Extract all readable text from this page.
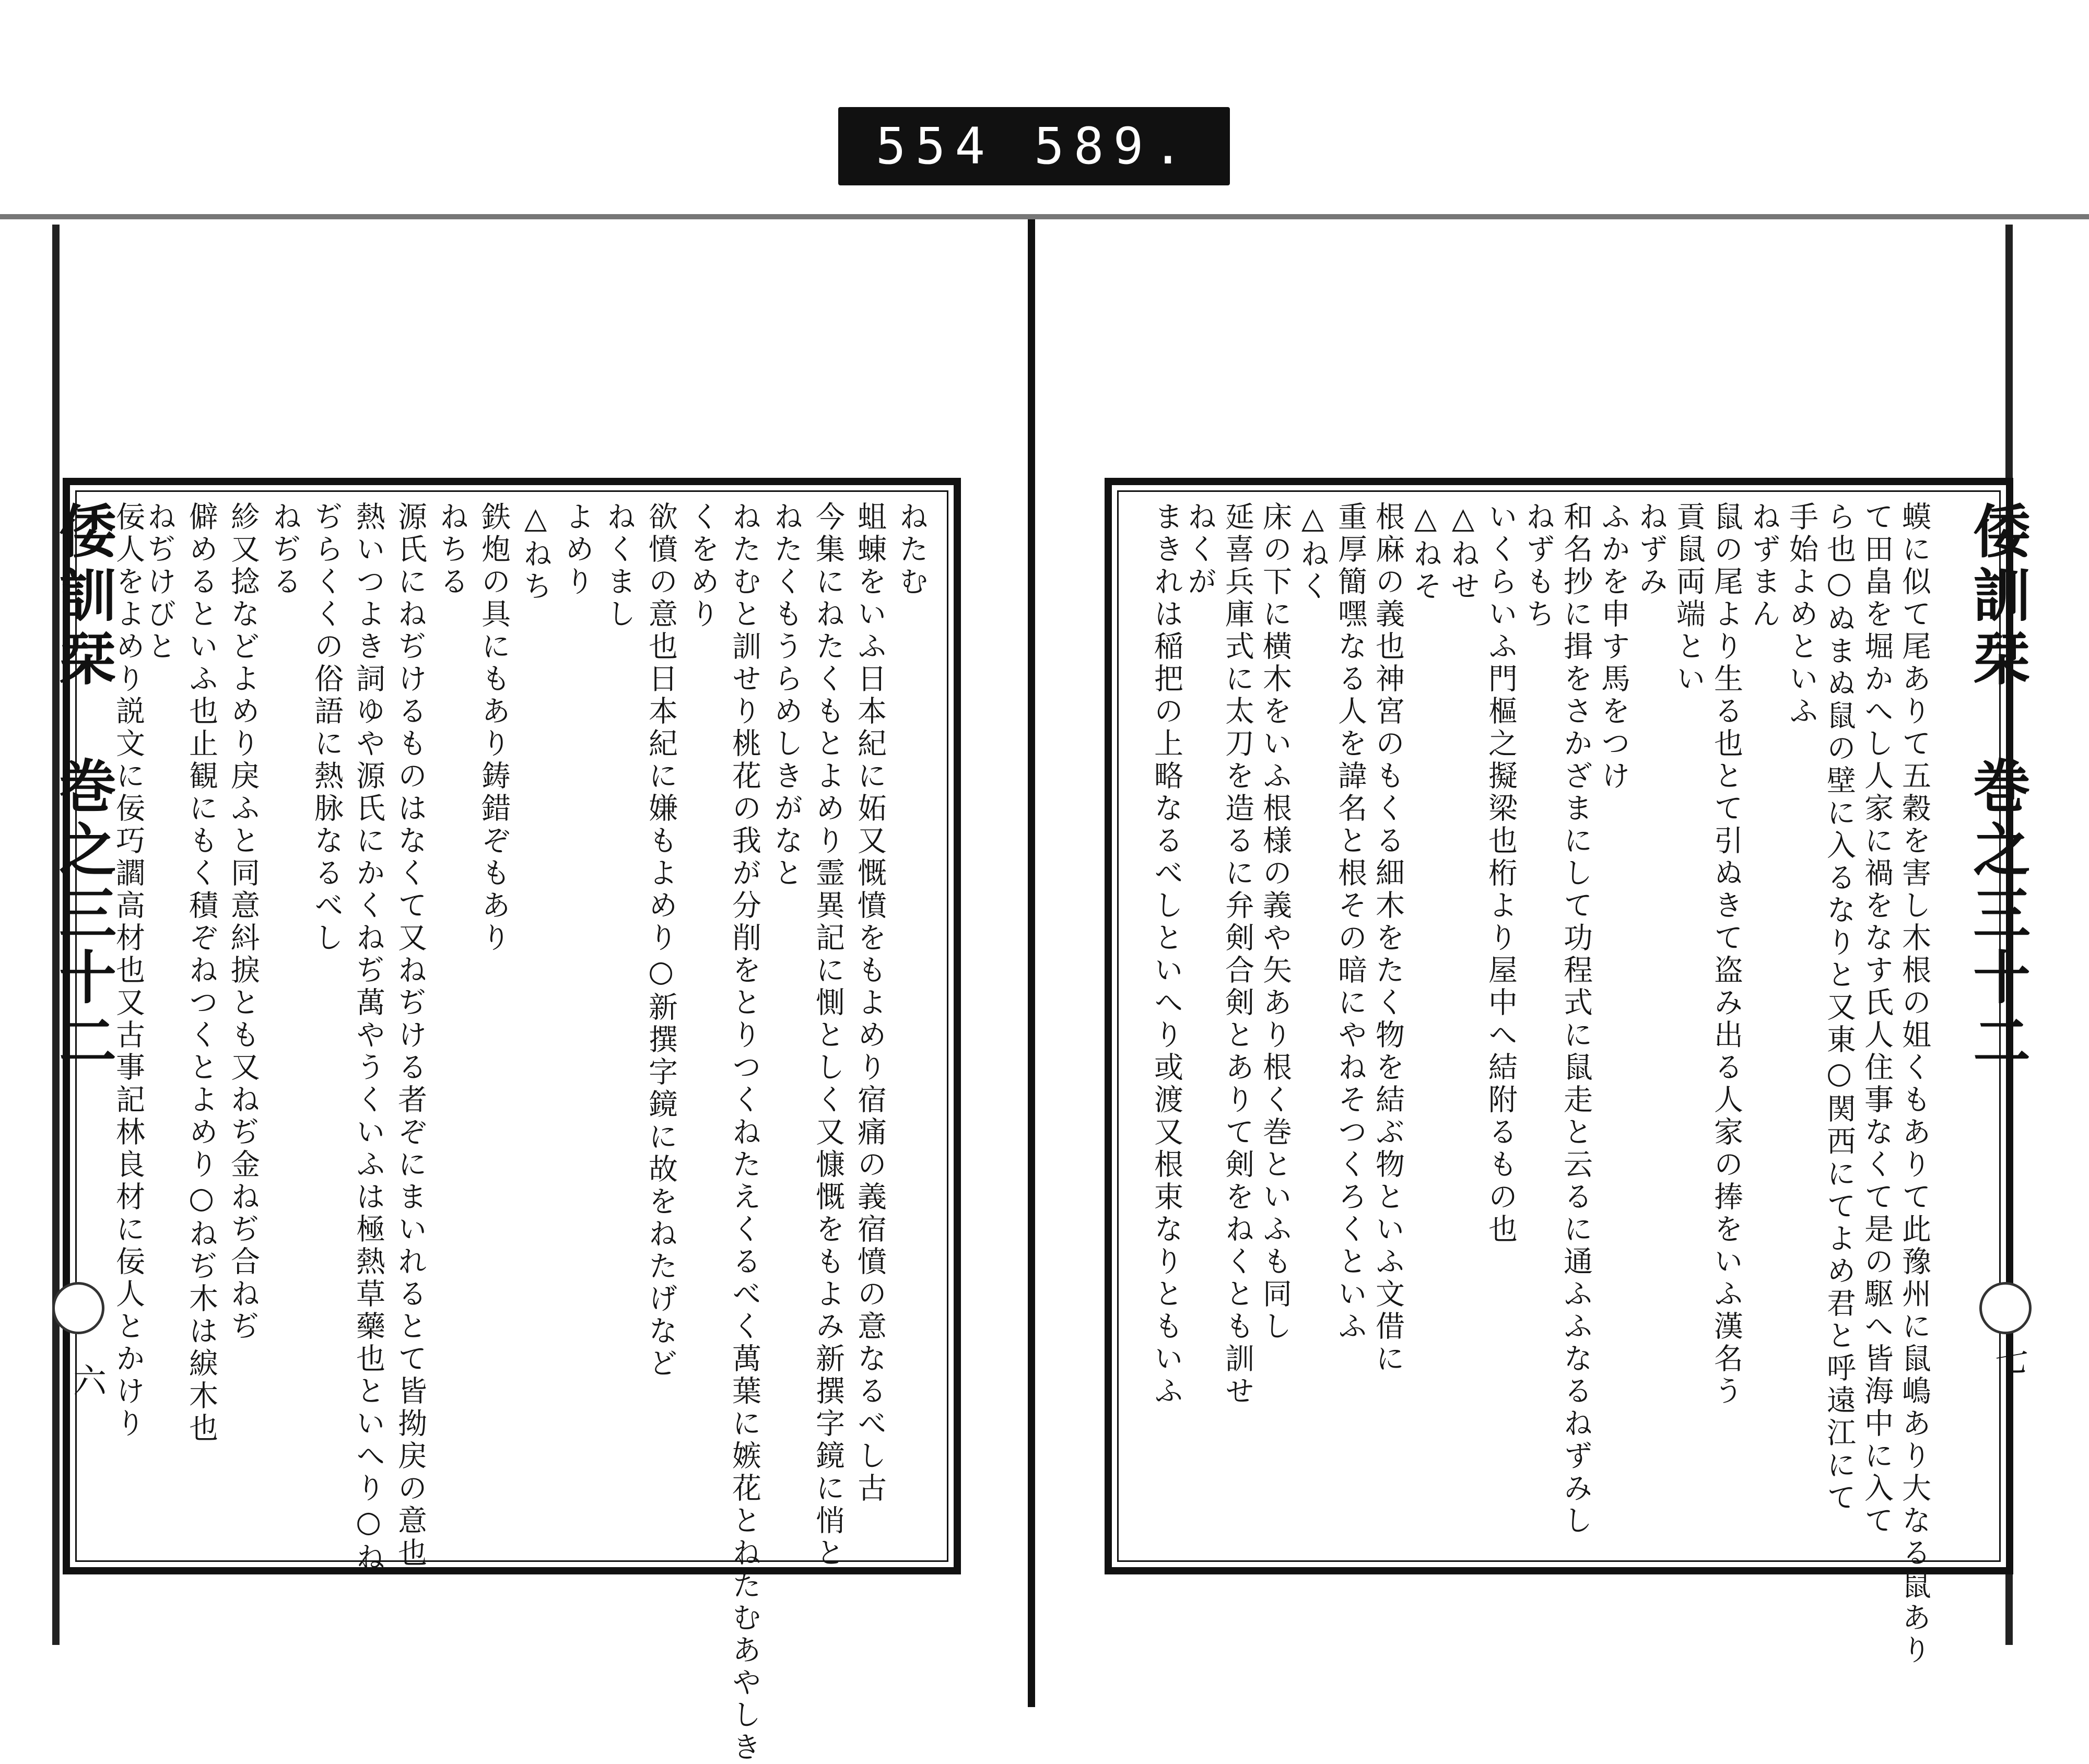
554 589.
倭訓栞　巻之三十二
六
ねたむ
蛆蝀をいふ日本紀に妬又慨憤をもよめり宿痛の義宿憤の意なるべし古
今集にねたくもとよめり霊異記に惻としく又慷慨をもよみ新撰字鏡に悄と
ねたくもうらめしきがなと
ねたむと訓せり桃花の我が分削をとりつくねたえくるべく萬葉に嫉花とねたむあやしき
くをめり
欲憤の意也日本紀に嫌もよめり○新撰字鏡に故をねたげなど
ねくまし
よめり
△ねち
鉄炮の具にもあり鋳錯ぞもあり
ねちる
源氏にねぢけるものはなくて又ねぢける者ぞにまいれるとて皆拗戻の意也
熱いつよき詞ゆや源氏にかくねぢ萬やうくいふは極熱草藥也といへり○ね
ぢらくくの俗語に熱脉なるべし
ねぢる
紾又捻などよめり戾ふと同意紏捩とも又ねぢ金ねぢ合ねぢ
僻めるといふ也止観にもく積ぞねつくとよめり○ねぢ木は綟木也
ねぢけびと
佞人をよめり説文に佞巧讇高材也又古事記林良材に佞人とかけり	倭訓栞　巻之三十二
七
蟆に似て尾ありて五穀を害し木根の姐くもありて此豫州に鼠嶋あり大なる鼠あり
て田畠を堀かへし人家に禍をなす氏人住事なくて是の駆へ皆海中に入て
ら也○ぬまぬ鼠の壁に入るなりと又東○関西にてよめ君と呼遠江にて
手始よめといふ
ねずまん
鼠の尾より生る也とて引ぬきて盗み出る人家の捧をいふ漢名う
貢鼠両端とい
ねずみ
ふかを申す馬をつけ
和名抄に揖をさかざまにして功程式に鼠走と云るに通ふふなるねずみし
ねずもち
いくらいふ門樞之擬梁也桁より屋中へ結附るもの也
△ねせ
△ねそ
根麻の義也神宮のもくる細木をたく物を結ぶ物といふ文借に
重厚簡嘿なる人を諱名と根その暗にやねそつくろくといふ
△ねく
床の下に横木をいふ根様の義や矢あり根く巻といふも同し
延喜兵庫式に太刀を造るに弁剣合剣とありて剣をねくとも訓せ
ねくが
まきれは稲把の上略なるべしといへり或渡又根束なりともいふ
